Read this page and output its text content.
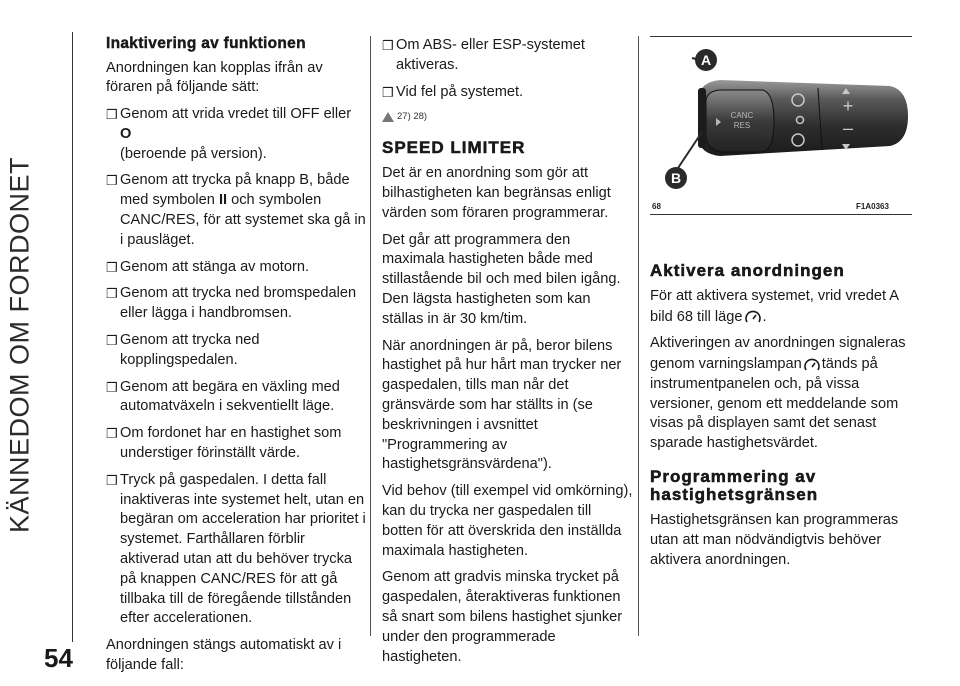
KÄNNEDOM OM FORDONET
54
Inaktivering av funktionen

Anordningen kan kopplas ifrån av föraren på följande sätt:

❒ Genom att vrida vredet till OFF eller O
(beroende på version).
❒ Genom att trycka på knapp B, både med symbolen II och symbolen CANC/RES, för att systemet ska gå in i pausläget.
❒ Genom att stänga av motorn.
❒ Genom att trycka ned bromspedalen eller lägga i handbromsen.
❒ Genom att trycka ned kopplingspedalen.
❒ Genom att begära en växling med automatväxeln i sekventiellt läge.
❒ Om fordonet har en hastighet som understiger förinställt värde.
❒ Tryck på gaspedalen. I detta fall inaktiveras inte systemet helt, utan en begäran om acceleration har prioritet i systemet. Farthållaren förblir aktiverad utan att du behöver trycka på knappen CANC/RES för att gå tillbaka till de föregående tillstånden efter accelerationen.

Anordningen stängs automatiskt av i följande fall:

❒ Om ABS- eller ESP-systemet aktiveras.
❒ Vid fel på systemet.
27) 28)
SPEED LIMITER

Det är en anordning som gör att bilhastigheten kan begränsas enligt värden som föraren programmerar.

Det går att programmera den maximala hastigheten både med stillastående bil och med bilen igång. Den lägsta hastigheten som kan ställas in är 30 km/tim.

När anordningen är på, beror bilens hastighet på hur hårt man trycker ner gaspedalen, tills man når det gränsvärde som har ställts in (se beskrivningen i avsnittet "Programmering av hastighetsgränsvärdena").

Vid behov (till exempel vid omkörning), kan du trycka ner gaspedalen till botten för att överskrida den inställda maximala hastigheten.

Genom att gradvis minska trycket på gaspedalen, återaktiveras funktionen så snart som bilens hastighet sjunker under den programmerade hastigheten.

CANC
RES
+
–
A
B
68	F1A0363
Aktivera anordningen

För att aktivera systemet, vrid vredet A bild 68 till läge .

Aktiveringen av anordningen signaleras genom varningslampan tänds på instrumentpanelen och, på vissa versioner, genom ett meddelande som visas på displayen samt det senast sparade hastighetsvärdet.

Programmering av hastighetsgränsen

Hastighetsgränsen kan programmeras utan att man nödvändigtvis behöver aktivera anordningen.
